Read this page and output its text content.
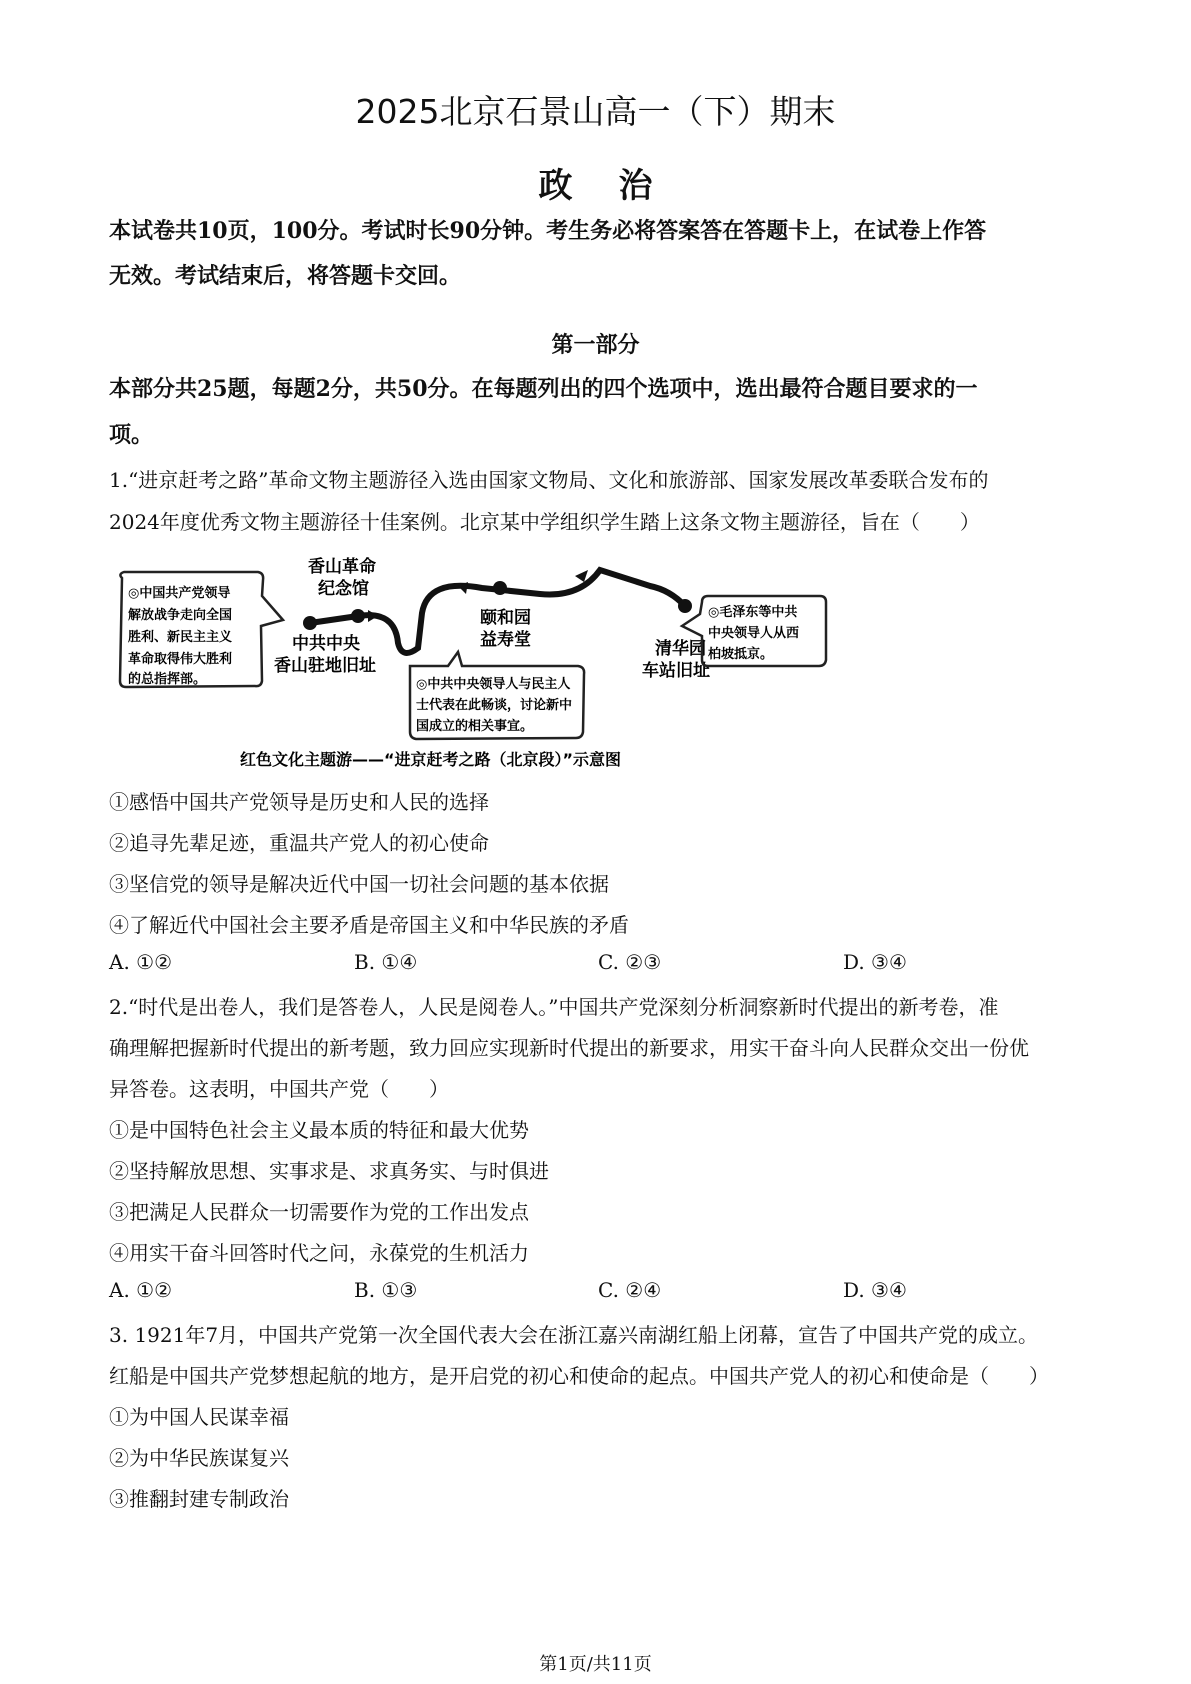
2025北京石景山高一（下）期末
政治
本试卷共10页，100分。考试时长90分钟。考生务必将答案答在答题卡上，在试卷上作答
无效。考试结束后，将答题卡交回。
第一部分
本部分共25题，每题2分，共50分。在每题列出的四个选项中，选出最符合题目要求的一
项。
1.“进京赶考之路”革命文物主题游径入选由国家文物局、文化和旅游部、国家发展改革委联合发布的
2024年度优秀文物主题游径十佳案例。北京某中学组织学生踏上这条文物主题游径，旨在（　　）
◎中国共产党领导
解放战争走向全国
胜利、新民主主义
革命取得伟大胜利
的总指挥部。
香山革命
纪念馆
中共中央
香山驻地旧址
颐和园
益寿堂	清华园
车站旧址
◎中共中央领导人与民主人
士代表在此畅谈，讨论新中
国成立的相关事宜。
◎毛泽东等中共
中央领导人从西
柏坡抵京。
红色文化主题游——“进京赶考之路（北京段）”示意图
①感悟中国共产党领导是历史和人民的选择
②追寻先辈足迹，重温共产党人的初心使命
③坚信党的领导是解决近代中国一切社会问题的基本依据
④了解近代中国社会主要矛盾是帝国主义和中华民族的矛盾
A. ①②	B. ①④	C. ②③	D. ③④
2.“时代是出卷人，我们是答卷人，人民是阅卷人。”中国共产党深刻分析洞察新时代提出的新考卷，准
确理解把握新时代提出的新考题，致力回应实现新时代提出的新要求，用实干奋斗向人民群众交出一份优
异答卷。这表明，中国共产党（　　）
①是中国特色社会主义最本质的特征和最大优势
②坚持解放思想、实事求是、求真务实、与时俱进
③把满足人民群众一切需要作为党的工作出发点
④用实干奋斗回答时代之问，永葆党的生机活力
A. ①②	B. ①③	C. ②④	D. ③④
3. 1921年7月，中国共产党第一次全国代表大会在浙江嘉兴南湖红船上闭幕，宣告了中国共产党的成立。
红船是中国共产党梦想起航的地方，是开启党的初心和使命的起点。中国共产党人的初心和使命是（　　）
①为中国人民谋幸福
②为中华民族谋复兴
③推翻封建专制政治
第1页/共11页
